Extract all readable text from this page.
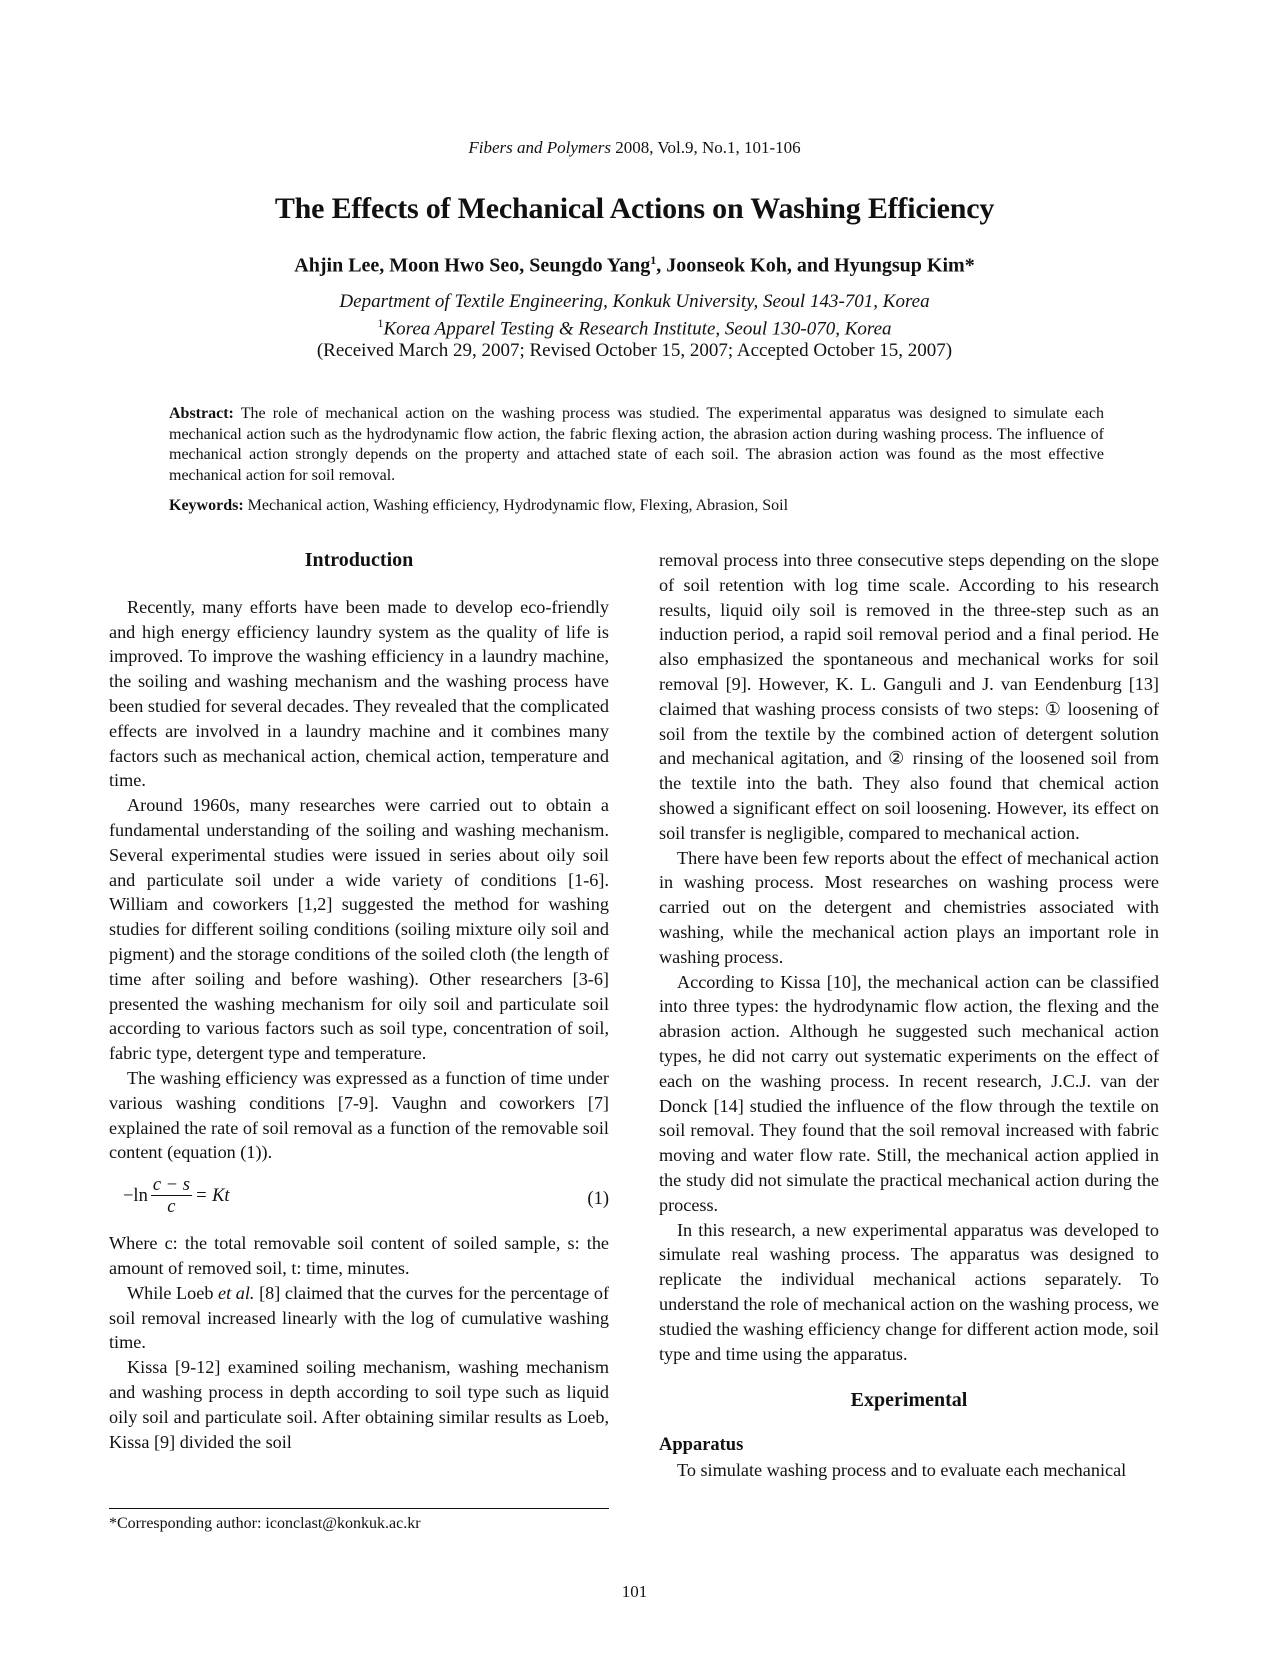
Fibers and Polymers 2008, Vol.9, No.1, 101-106
The Effects of Mechanical Actions on Washing Efficiency
Ahjin Lee, Moon Hwo Seo, Seungdo Yang$^1$, Joonseok Koh, and Hyungsup Kim*
Department of Textile Engineering, Konkuk University, Seoul 143-701, Korea
$^1$Korea Apparel Testing & Research Institute, Seoul 130-070, Korea
(Received March 29, 2007; Revised October 15, 2007; Accepted October 15, 2007)
Abstract: The role of mechanical action on the washing process was studied. The experimental apparatus was designed to simulate each mechanical action such as the hydrodynamic flow action, the fabric flexing action, the abrasion action during washing process. The influence of mechanical action strongly depends on the property and attached state of each soil. The abrasion action was found as the most effective mechanical action for soil removal.
Keywords: Mechanical action, Washing efficiency, Hydrodynamic flow, Flexing, Abrasion, Soil

Introduction

Recently, many efforts have been made to develop eco-friendly and high energy efficiency laundry system as the quality of life is improved. To improve the washing efficiency in a laundry machine, the soiling and washing mechanism and the washing process have been studied for several decades. They revealed that the complicated effects are involved in a laundry machine and it combines many factors such as mechanical action, chemical action, temperature and time.

Around 1960s, many researches were carried out to obtain a fundamental understanding of the soiling and washing mechanism. Several experimental studies were issued in series about oily soil and particulate soil under a wide variety of conditions [1-6]. William and coworkers [1,2] suggested the method for washing studies for different soiling conditions (soiling mixture oily soil and pigment) and the storage conditions of the soiled cloth (the length of time after soiling and before washing). Other researchers [3-6] presented the washing mechanism for oily soil and particulate soil according to various factors such as soil type, concentration of soil, fabric type, detergent type and temperature.

The washing efficiency was expressed as a function of time under various washing conditions [7-9]. Vaughn and coworkers [7] explained the rate of soil removal as a function of the removable soil content (equation (1)).

$-\ln \frac{c - s}{c} = Kt$	(1)

Where c: the total removable soil content of soiled sample, s: the amount of removed soil, t: time, minutes.

While Loeb et al. [8] claimed that the curves for the percentage of soil removal increased linearly with the log of cumulative washing time.

Kissa [9-12] examined soiling mechanism, washing mechanism and washing process in depth according to soil type such as liquid oily soil and particulate soil. After obtaining similar results as Loeb, Kissa [9] divided the soil

removal process into three consecutive steps depending on the slope of soil retention with log time scale. According to his research results, liquid oily soil is removed in the three-step such as an induction period, a rapid soil removal period and a final period. He also emphasized the spontaneous and mechanical works for soil removal [9]. However, K. L. Ganguli and J. van Eendenburg [13] claimed that washing process consists of two steps: ① loosening of soil from the textile by the combined action of detergent solution and mechanical agitation, and ② rinsing of the loosened soil from the textile into the bath. They also found that chemical action showed a significant effect on soil loosening. However, its effect on soil transfer is negligible, compared to mechanical action.

There have been few reports about the effect of mechanical action in washing process. Most researches on washing process were carried out on the detergent and chemistries associated with washing, while the mechanical action plays an important role in washing process.

According to Kissa [10], the mechanical action can be classified into three types: the hydrodynamic flow action, the flexing and the abrasion action. Although he suggested such mechanical action types, he did not carry out systematic experiments on the effect of each on the washing process. In recent research, J.C.J. van der Donck [14] studied the influence of the flow through the textile on soil removal. They found that the soil removal increased with fabric moving and water flow rate. Still, the mechanical action applied in the study did not simulate the practical mechanical action during the process.

In this research, a new experimental apparatus was developed to simulate real washing process. The apparatus was designed to replicate the individual mechanical actions separately. To understand the role of mechanical action on the washing process, we studied the washing efficiency change for different action mode, soil type and time using the apparatus.

Experimental

Apparatus

To simulate washing process and to evaluate each mechanical

*Corresponding author: iconclast@konkuk.ac.kr
101
